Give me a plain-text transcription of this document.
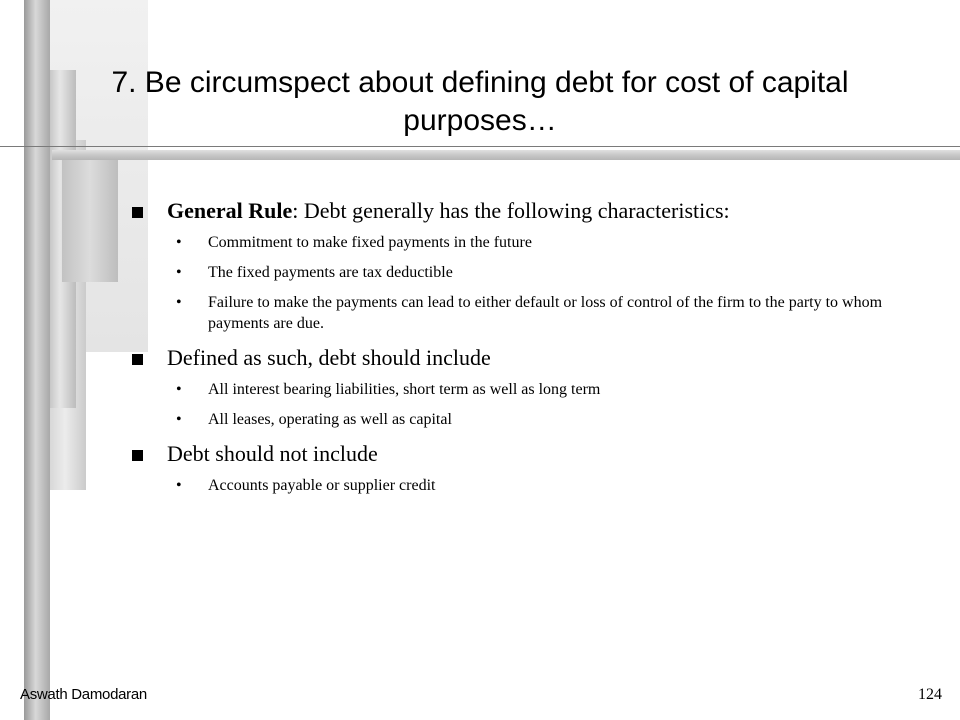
7. Be circumspect about defining debt for cost of capital purposes…
General Rule: Debt generally has the following characteristics:
• Commitment to make fixed payments in the future
• The fixed payments are tax deductible
• Failure to make the payments can lead to either default or loss of control of the firm to the party to whom payments are due.
Defined as such, debt should include
• All interest bearing liabilities, short term as well as long term
• All leases, operating as well as capital
Debt should not include
• Accounts payable or supplier credit
Aswath Damodaran	124
